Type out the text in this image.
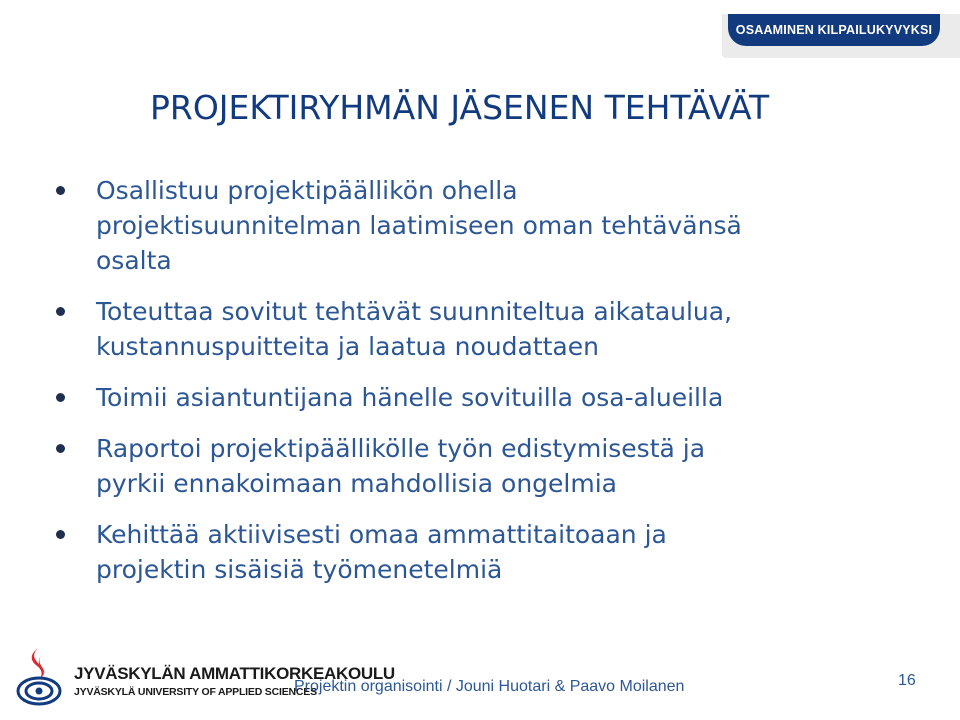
OSAAMINEN KILPAILUKYVYKSI
PROJEKTIRYHMÄN JÄSENEN TEHTÄVÄT
Osallistuu projektipäällikön ohella
projektisuunnitelman laatimiseen oman tehtävänsä
osalta
Toteuttaa sovitut tehtävät suunniteltua aikataulua,
kustannuspuitteita ja laatua noudattaen
Toimii asiantuntijana hänelle sovituilla osa-alueilla
Raportoi projektipäällikölle työn edistymisestä ja
pyrkii ennakoimaan mahdollisia ongelmia
Kehittää aktiivisesti omaa ammattitaitoaan ja
projektin sisäisiä työmenetelmiä
JYVÄSKYLÄN AMMATTIKORKEAKOULU
JYVÄSKYLÄ UNIVERSITY OF APPLIED SCIENCES
Projektin organisointi / Jouni Huotari & Paavo Moilanen	16
